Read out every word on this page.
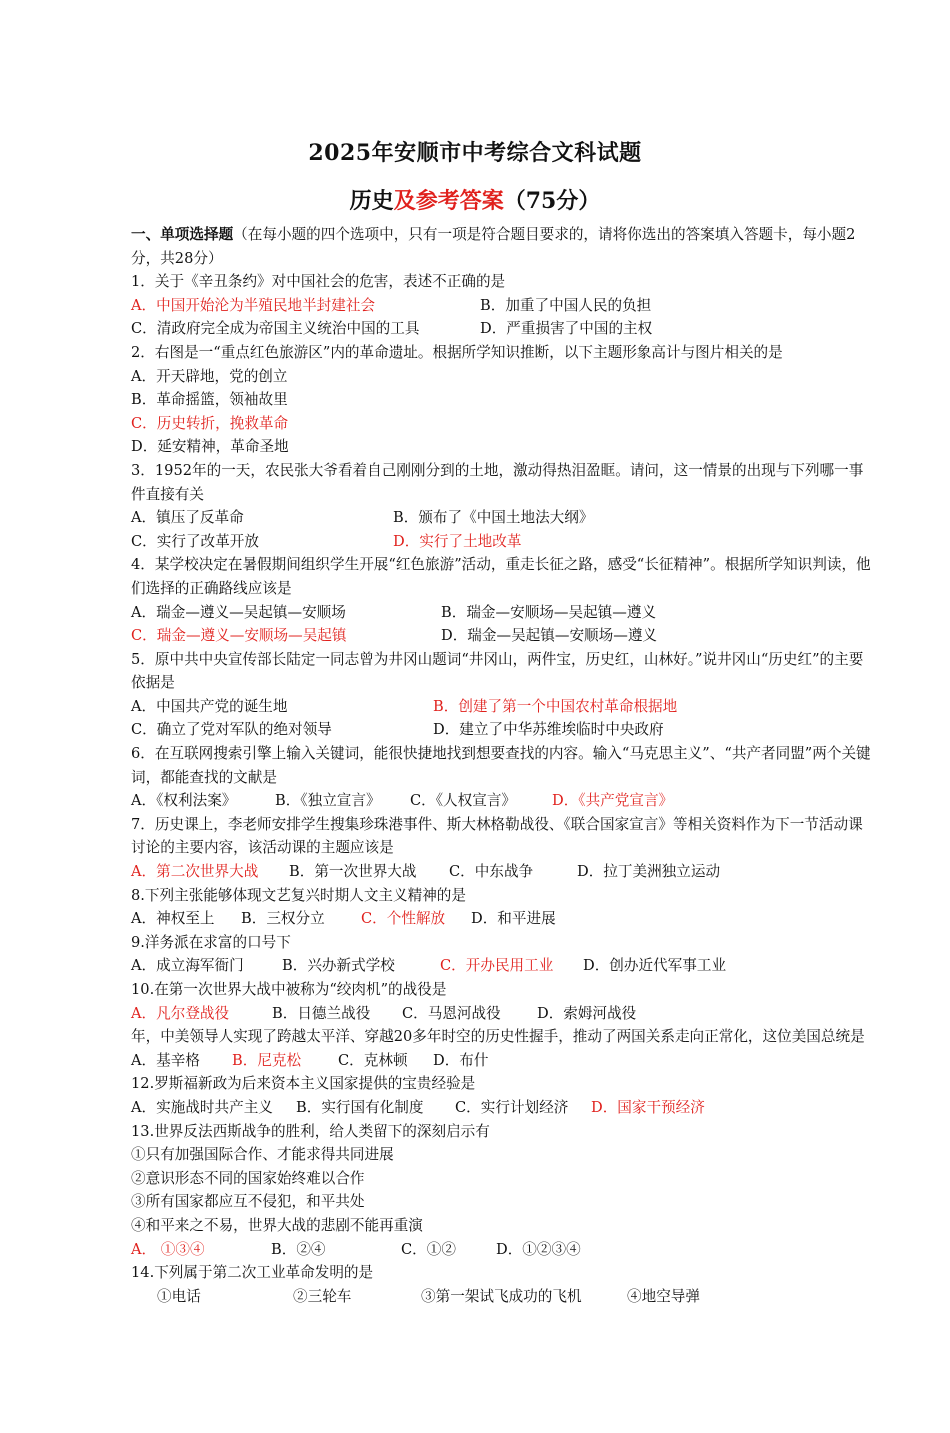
2025年安顺市中考综合文科试题
历史及参考答案（75分）
一、单项选择题（在每小题的四个选项中，只有一项是符合题目要求的，请将你选出的答案填入答题卡，每小题2分，共28分）
1．关于《辛丑条约》对中国社会的危害，表述不正确的是
A．中国开始沦为半殖民地半封建社会	B．加重了中国人民的负担
C．清政府完全成为帝国主义统治中国的工具	D．严重损害了中国的主权
2．右图是一“重点红色旅游区”内的革命遗址。根据所学知识推断，以下主题形象高计与图片相关的是
A．开天辟地，党的创立
B．革命摇篮，领袖故里
C．历史转折，挽救革命
D．延安精神，革命圣地
3．1952年的一天，农民张大爷看着自己刚刚分到的土地，激动得热泪盈眶。请问，这一情景的出现与下列哪一事件直接有关
A．镇压了反革命	B．颁布了《中国土地法大纲》
C．实行了改革开放	D．实行了土地改革
4．某学校决定在暑假期间组织学生开展“红色旅游”活动，重走长征之路，感受“长征精神”。根据所学知识判读，他们选择的正确路线应该是
A．瑞金—遵义—吴起镇—安顺场	B．瑞金—安顺场—吴起镇—遵义
C．瑞金—遵义—安顺场—吴起镇	D．瑞金—吴起镇—安顺场—遵义
5．原中共中央宣传部长陆定一同志曾为井冈山题词“井冈山，两件宝，历史红，山林好。”说井冈山“历史红”的主要依据是
A．中国共产党的诞生地	B．创建了第一个中国农村革命根据地
C．确立了党对军队的绝对领导	D．建立了中华苏维埃临时中央政府
6．在互联网搜索引擎上输入关键词，能很快捷地找到想要查找的内容。输入“马克思主义”、“共产者同盟”两个关键词，都能查找的文献是
A．《权利法案》	B．《独立宣言》 C．《人权宣言》 D．《共产党宣言》
7．历史课上，李老师安排学生搜集珍珠港事件、斯大林格勒战役、《联合国家宣言》等相关资料作为下一节活动课讨论的主要内容，该活动课的主题应该是
A．第二次世界大战 B．第一次世界大战 C．中东战争	D．拉丁美洲独立运动
8.下列主张能够体现文艺复兴时期人文主义精神的是
A．神权至上 B．三权分立 C．个性解放 D．和平进展
9.洋务派在求富的口号下
A．成立海军衙门	B．兴办新式学校	C．开办民用工业 D．创办近代军事工业
10.在第一次世界大战中被称为“绞肉机”的战役是
A．凡尔登战役	B．日德兰战役 C．马恩河战役 D．索姆河战役
年，中美领导人实现了跨越太平洋、穿越20多年时空的历史性握手，推动了两国关系走向正常化，这位美国总统是
A．基辛格 B．尼克松	C．克林顿 D．布什
12.罗斯福新政为后来资本主义国家提供的宝贵经验是
A．实施战时共产主义 B．实行国有化制度 C．实行计划经济 D．国家干预经济
13.世界反法西斯战争的胜利，给人类留下的深刻启示有
①只有加强国际合作、才能求得共同进展
②意识形态不同的国家始终难以合作
③所有国家都应互不侵犯，和平共处
④和平来之不易，世界大战的悲剧不能再重演
A． ①③④	B．②④	C．①②	D．①②③④
14.下列属于第二次工业革命发明的是
①电话	②三轮车	③第一架试飞成功的飞机	④地空导弹
